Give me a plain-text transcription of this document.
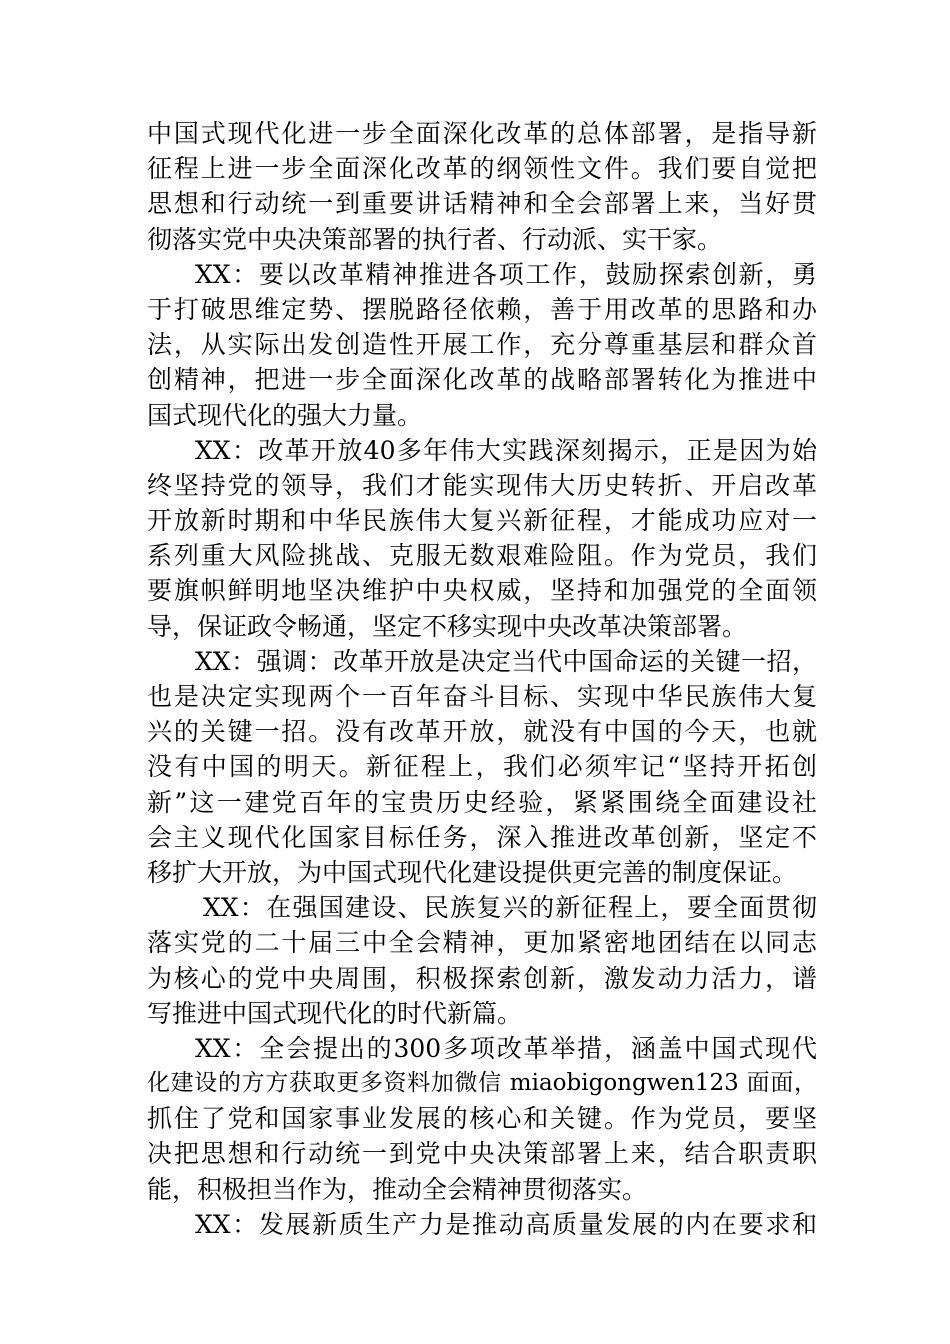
中国式现代化进一步全面深化改革的总体部署，是指导新
征程上进一步全面深化改革的纲领性文件。我们要自觉把
思想和行动统一到重要讲话精神和全会部署上来，当好贯
彻落实党中央决策部署的执行者、行动派、实干家。
XX：要以改革精神推进各项工作，鼓励探索创新，勇
于打破思维定势、摆脱路径依赖，善于用改革的思路和办
法，从实际出发创造性开展工作，充分尊重基层和群众首
创精神，把进一步全面深化改革的战略部署转化为推进中
国式现代化的强大力量。
XX：改革开放40多年伟大实践深刻揭示，正是因为始
终坚持党的领导，我们才能实现伟大历史转折、开启改革
开放新时期和中华民族伟大复兴新征程，才能成功应对一
系列重大风险挑战、克服无数艰难险阻。作为党员，我们
要旗帜鲜明地坚决维护中央权威，坚持和加强党的全面领
导，保证政令畅通，坚定不移实现中央改革决策部署。
XX：强调：改革开放是决定当代中国命运的关键一招，
也是决定实现两个一百年奋斗目标、实现中华民族伟大复
兴的关键一招。没有改革开放，就没有中国的今天，也就
没有中国的明天。新征程上，我们必须牢记“坚持开拓创
新”这一建党百年的宝贵历史经验，紧紧围绕全面建设社
会主义现代化国家目标任务，深入推进改革创新，坚定不
移扩大开放，为中国式现代化建设提供更完善的制度保证。
XX：在强国建设、民族复兴的新征程上，要全面贯彻
落实党的二十届三中全会精神，更加紧密地团结在以同志
为核心的党中央周围，积极探索创新，激发动力活力，谱
写推进中国式现代化的时代新篇。
XX：全会提出的300多项改革举措，涵盖中国式现代
化建设的方方获取更多资料加微信 miaobigongwen123 面面，
抓住了党和国家事业发展的核心和关键。作为党员，要坚
决把思想和行动统一到党中央决策部署上来，结合职责职
能，积极担当作为，推动全会精神贯彻落实。
XX：发展新质生产力是推动高质量发展的内在要求和
